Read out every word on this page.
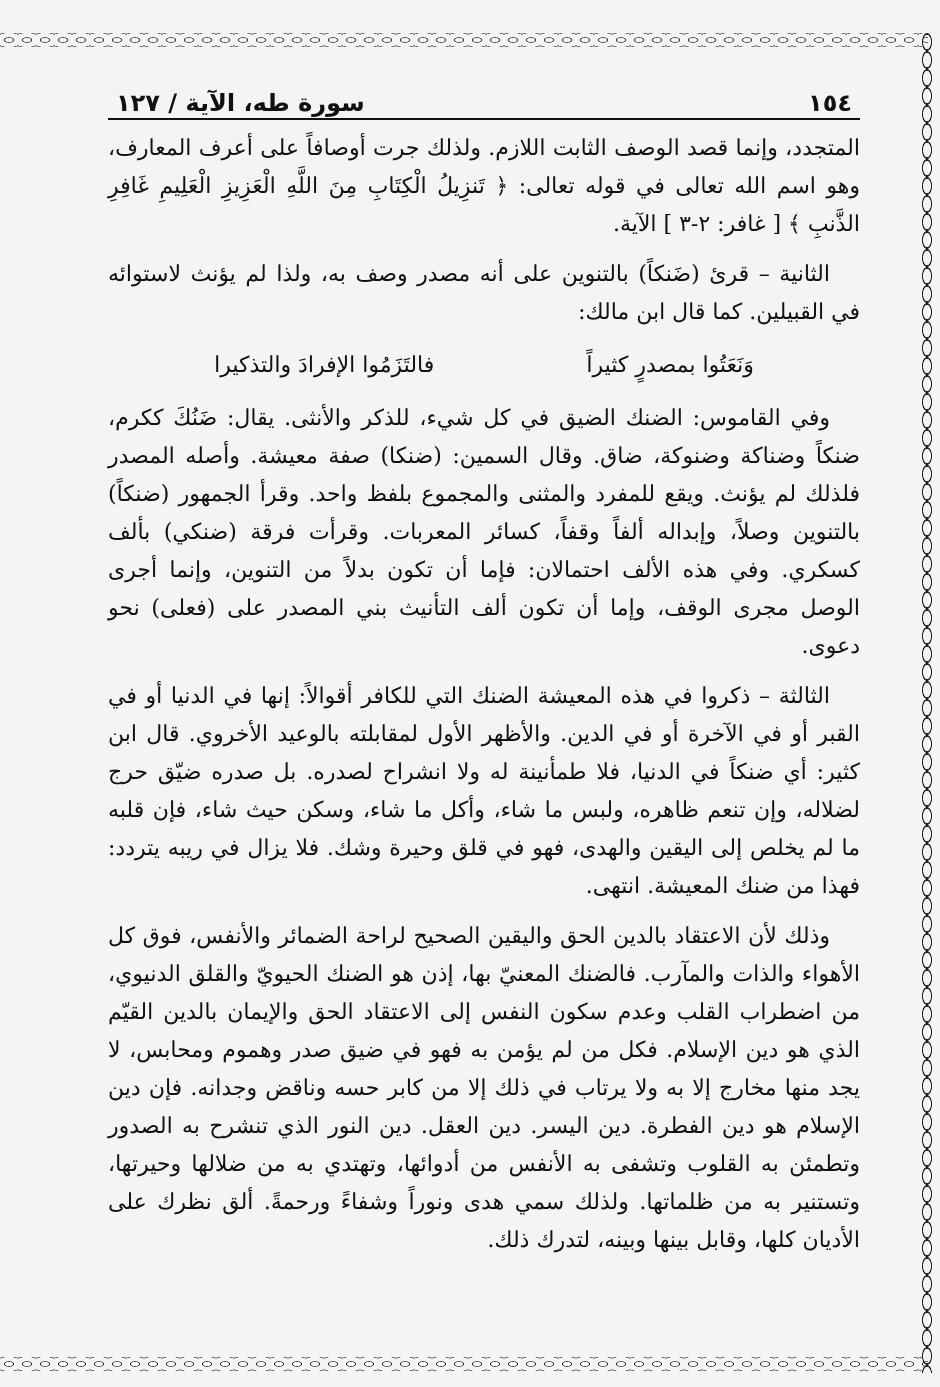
١٥٤
سورة طه، الآية / ١٢٧

المتجدد، وإنما قصد الوصف الثابت اللازم. ولذلك جرت أوصافاً على أعرف المعارف، وهو اسم الله تعالى في قوله تعالى: ﴿ تَنزِيلُ الْكِتَابِ مِنَ اللَّهِ الْعَزِيزِ الْعَلِيمِ غَافِرِ الذَّنبِ ﴾ [ غافر: ٢-٣ ] الآية.

الثانية – قرئ (ضَنكاً) بالتنوين على أنه مصدر وصف به، ولذا لم يؤنث لاستوائه في القبيلين. كما قال ابن مالك:

وَنَعَتُوا بمصدرٍ كثيراً
فالتَزَمُوا الإفرادَ والتذكيرا

وفي القاموس: الضنك الضيق في كل شيء، للذكر والأنثى. يقال: ضَنُكَ ككرم، ضنكاً وضناكة وضنوكة، ضاق. وقال السمين: (ضنكا) صفة معيشة. وأصله المصدر فلذلك لم يؤنث. ويقع للمفرد والمثنى والمجموع بلفظ واحد. وقرأ الجمهور (ضنكاً) بالتنوين وصلاً، وإبداله ألفاً وقفاً، كسائر المعربات. وقرأت فرقة (ضنكي) بألف كسكري. وفي هذه الألف احتمالان: فإما أن تكون بدلاً من التنوين، وإنما أجرى الوصل مجرى الوقف، وإما أن تكون ألف التأنيث بني المصدر على (فعلى) نحو دعوى.

الثالثة – ذكروا في هذه المعيشة الضنك التي للكافر أقوالاً: إنها في الدنيا أو في القبر أو في الآخرة أو في الدين. والأظهر الأول لمقابلته بالوعيد الأخروي. قال ابن كثير: أي ضنكاً في الدنيا، فلا طمأنينة له ولا انشراح لصدره. بل صدره ضيّق حرج لضلاله، وإن تنعم ظاهره، ولبس ما شاء، وأكل ما شاء، وسكن حيث شاء، فإن قلبه ما لم يخلص إلى اليقين والهدى، فهو في قلق وحيرة وشك. فلا يزال في ريبه يتردد: فهذا من ضنك المعيشة. انتهى.

وذلك لأن الاعتقاد بالدين الحق واليقين الصحيح لراحة الضمائر والأنفس، فوق كل الأهواء والذات والمآرب. فالضنك المعنيّ بها، إذن هو الضنك الحيويّ والقلق الدنيوي، من اضطراب القلب وعدم سكون النفس إلى الاعتقاد الحق والإيمان بالدين القيّم الذي هو دين الإسلام. فكل من لم يؤمن به فهو في ضيق صدر وهموم ومحابس، لا يجد منها مخارج إلا به ولا يرتاب في ذلك إلا من كابر حسه وناقض وجدانه. فإن دين الإسلام هو دين الفطرة. دين اليسر. دين العقل. دين النور الذي تنشرح به الصدور وتطمئن به القلوب وتشفى به الأنفس من أدوائها، وتهتدي به من ضلالها وحيرتها، وتستنير به من ظلماتها. ولذلك سمي هدى ونوراً وشفاءً ورحمةً. ألق نظرك على الأديان كلها، وقابل بينها وبينه، لتدرك ذلك.
